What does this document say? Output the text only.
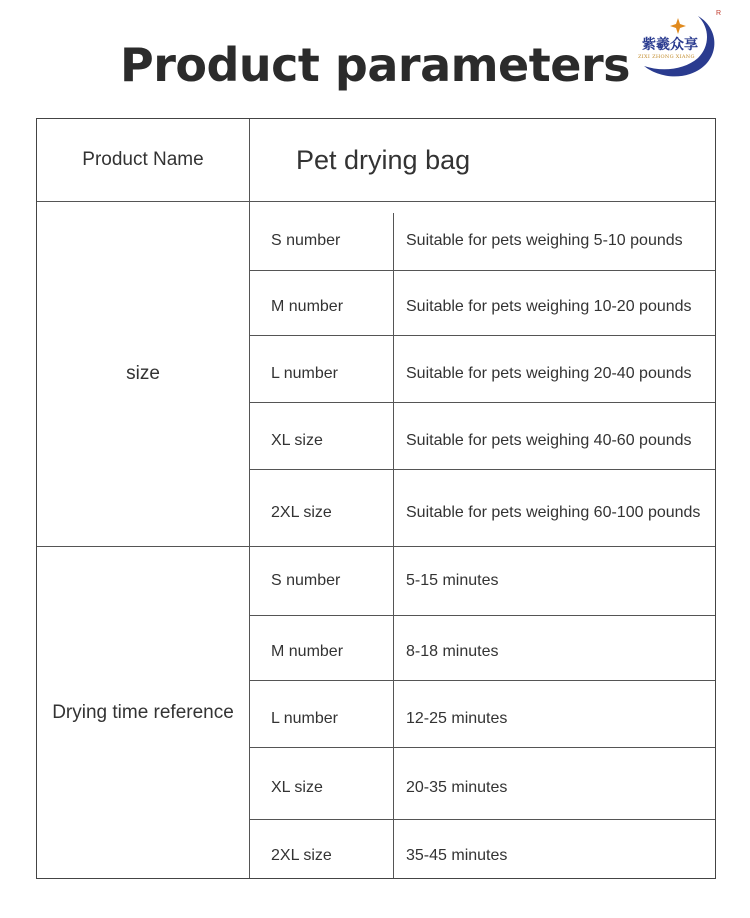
Product parameters 紫羲众享
ZIXI ZHONG XIANG
R
Product Name	Pet drying bag
size
S number	Suitable for pets weighing 5-10 pounds
M number	Suitable for pets weighing 10-20 pounds
L number	Suitable for pets weighing 20-40 pounds
XL size	Suitable for pets weighing 40-60 pounds
2XL size	Suitable for pets weighing 60-100 pounds
Drying time reference
S number	5-15 minutes
M number	8-18 minutes
L number	12-25 minutes
XL size	20-35 minutes
2XL size	35-45 minutes
